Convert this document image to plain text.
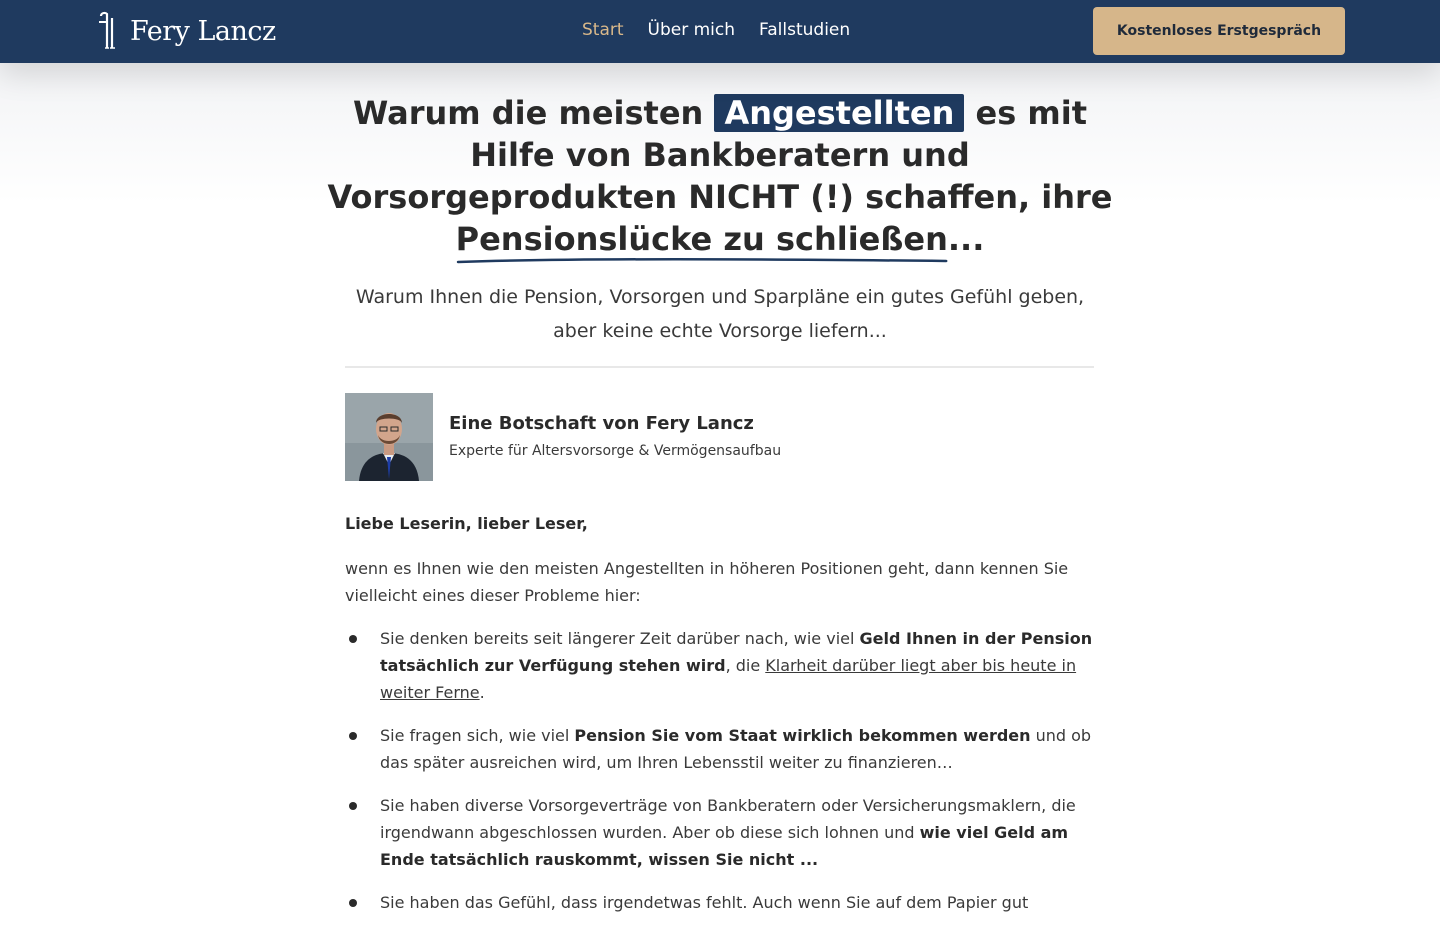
Fery Lancz	Start Über mich Fallstudien	Kostenloses Erstgespräch
Warum die meisten Angestellten es mit Hilfe von Bankberatern und Vorsorgeprodukten NICHT (!) schaffen, ihre Pensionslücke zu schließen
...

Warum Ihnen die Pension, Vorsorgen und Sparpläne ein gutes Gefühl geben, aber keine echte Vorsorge liefern...

Eine Botschaft von Fery Lancz
Experte für Altersvorsorge & Vermögensaufbau

Liebe Leserin, lieber Leser,

wenn es Ihnen wie den meisten Angestellten in höheren Positionen geht, dann kennen Sie vielleicht eines dieser Probleme hier:

Sie denken bereits seit längerer Zeit darüber nach, wie viel Geld Ihnen in der Pension tatsächlich zur Verfügung stehen wird, die Klarheit darüber liegt aber bis heute in weiter Ferne.
Sie fragen sich, wie viel Pension Sie vom Staat wirklich bekommen werden und ob das später ausreichen wird, um Ihren Lebensstil weiter zu finanzieren…
Sie haben diverse Vorsorgeverträge von Bankberatern oder Versicherungsmaklern, die irgendwann abgeschlossen wurden. Aber ob diese sich lohnen und wie viel Geld am Ende tatsächlich rauskommt, wissen Sie nicht ...
Sie haben das Gefühl, dass irgendetwas fehlt. Auch wenn Sie auf dem Papier gut
